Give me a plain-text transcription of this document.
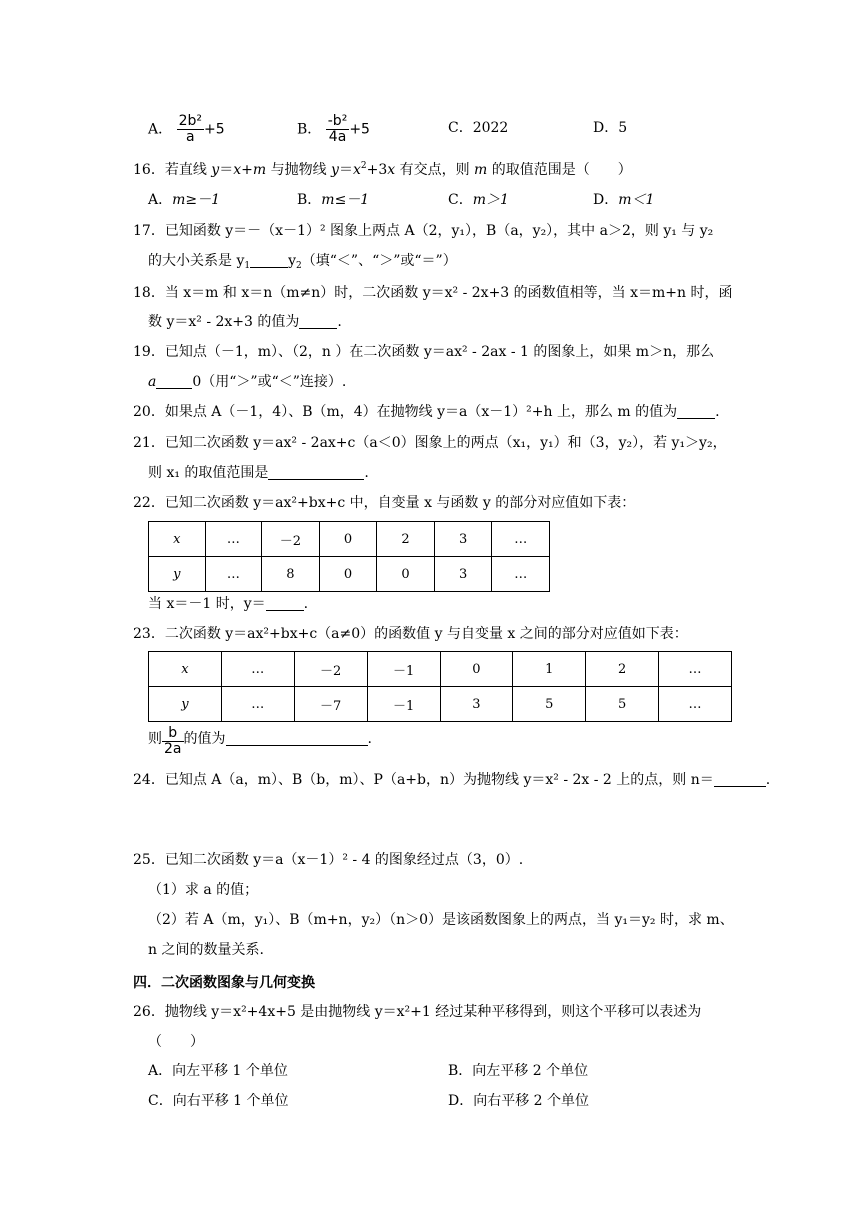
A． $\frac{\text{2b²}}{a} +5$	B． $\frac{\text{-b²}}{4a} +5$	C．2022	D．5
16．若直线 y＝x+m 与抛物线 $y=x^2+3x$ 有交点，则 m 的取值范围是（　　）
A．m≥－1	B．m≤－1	C．m＞1	D．m＜1
17．已知函数 y＝－（x－1）² 图象上两点 A（2，y₁），B（a，y₂），其中 a＞2，则 y₁ 与 y₂
的大小关系是 $y_1$	$y_2$（填“＜”、“＞”或“＝”）
18．当 x＝m 和 x＝n（m≠n）时，二次函数 y＝x² - 2x+3 的函数值相等，当 x＝m+n 时，函
数 y＝x² - 2x+3 的值为	.
19．已知点（－1，m）、（2，n ）在二次函数 y＝ax² - 2ax - 1 的图象上，如果 m＞n，那么
a	0（用“＞”或“＜”连接）.
20．如果点 A（－1，4）、B（m，4）在抛物线 y＝a（x－1）²+h 上，那么 m 的值为	.
21．已知二次函数 y＝ax² - 2ax+c（a＜0）图象上的两点（x₁，y₁）和（3，y₂），若 y₁＞y₂，
则 x₁ 的取值范围是	.
22．已知二次函数 y＝ax²+bx+c 中，自变量 x 与函数 y 的部分对应值如下表：
x	…	－2	0	2	3	…
y	…	8	0	0	3	…
当 x＝－1 时，y＝	.
23．二次函数 y＝ax²+bx+c（a≠0）的函数值 y 与自变量 x 之间的部分对应值如下表：
x	…	－2	－1	0	1	2	…
y	…	－7	－1	3	5	5	…
则 $\frac{b}{2a}$ 的值为	.
24．已知点 A（a，m）、B（b，m）、P（a+b，n）为抛物线 y＝x² - 2x - 2 上的点，则 n＝	.
25．已知二次函数 y＝a（x－1）² - 4 的图象经过点（3，0）.
（1）求 a 的值；
（2）若 A（m，y₁）、B（m+n，y₂）（n＞0）是该函数图象上的两点，当 y₁＝y₂ 时，求 m、
n 之间的数量关系.
四．二次函数图象与几何变换
26．抛物线 y＝x²+4x+5 是由抛物线 y＝x²+1 经过某种平移得到，则这个平移可以表述为
（　　）
A．向左平移 1 个单位	B．向左平移 2 个单位
C．向右平移 1 个单位	D．向右平移 2 个单位
